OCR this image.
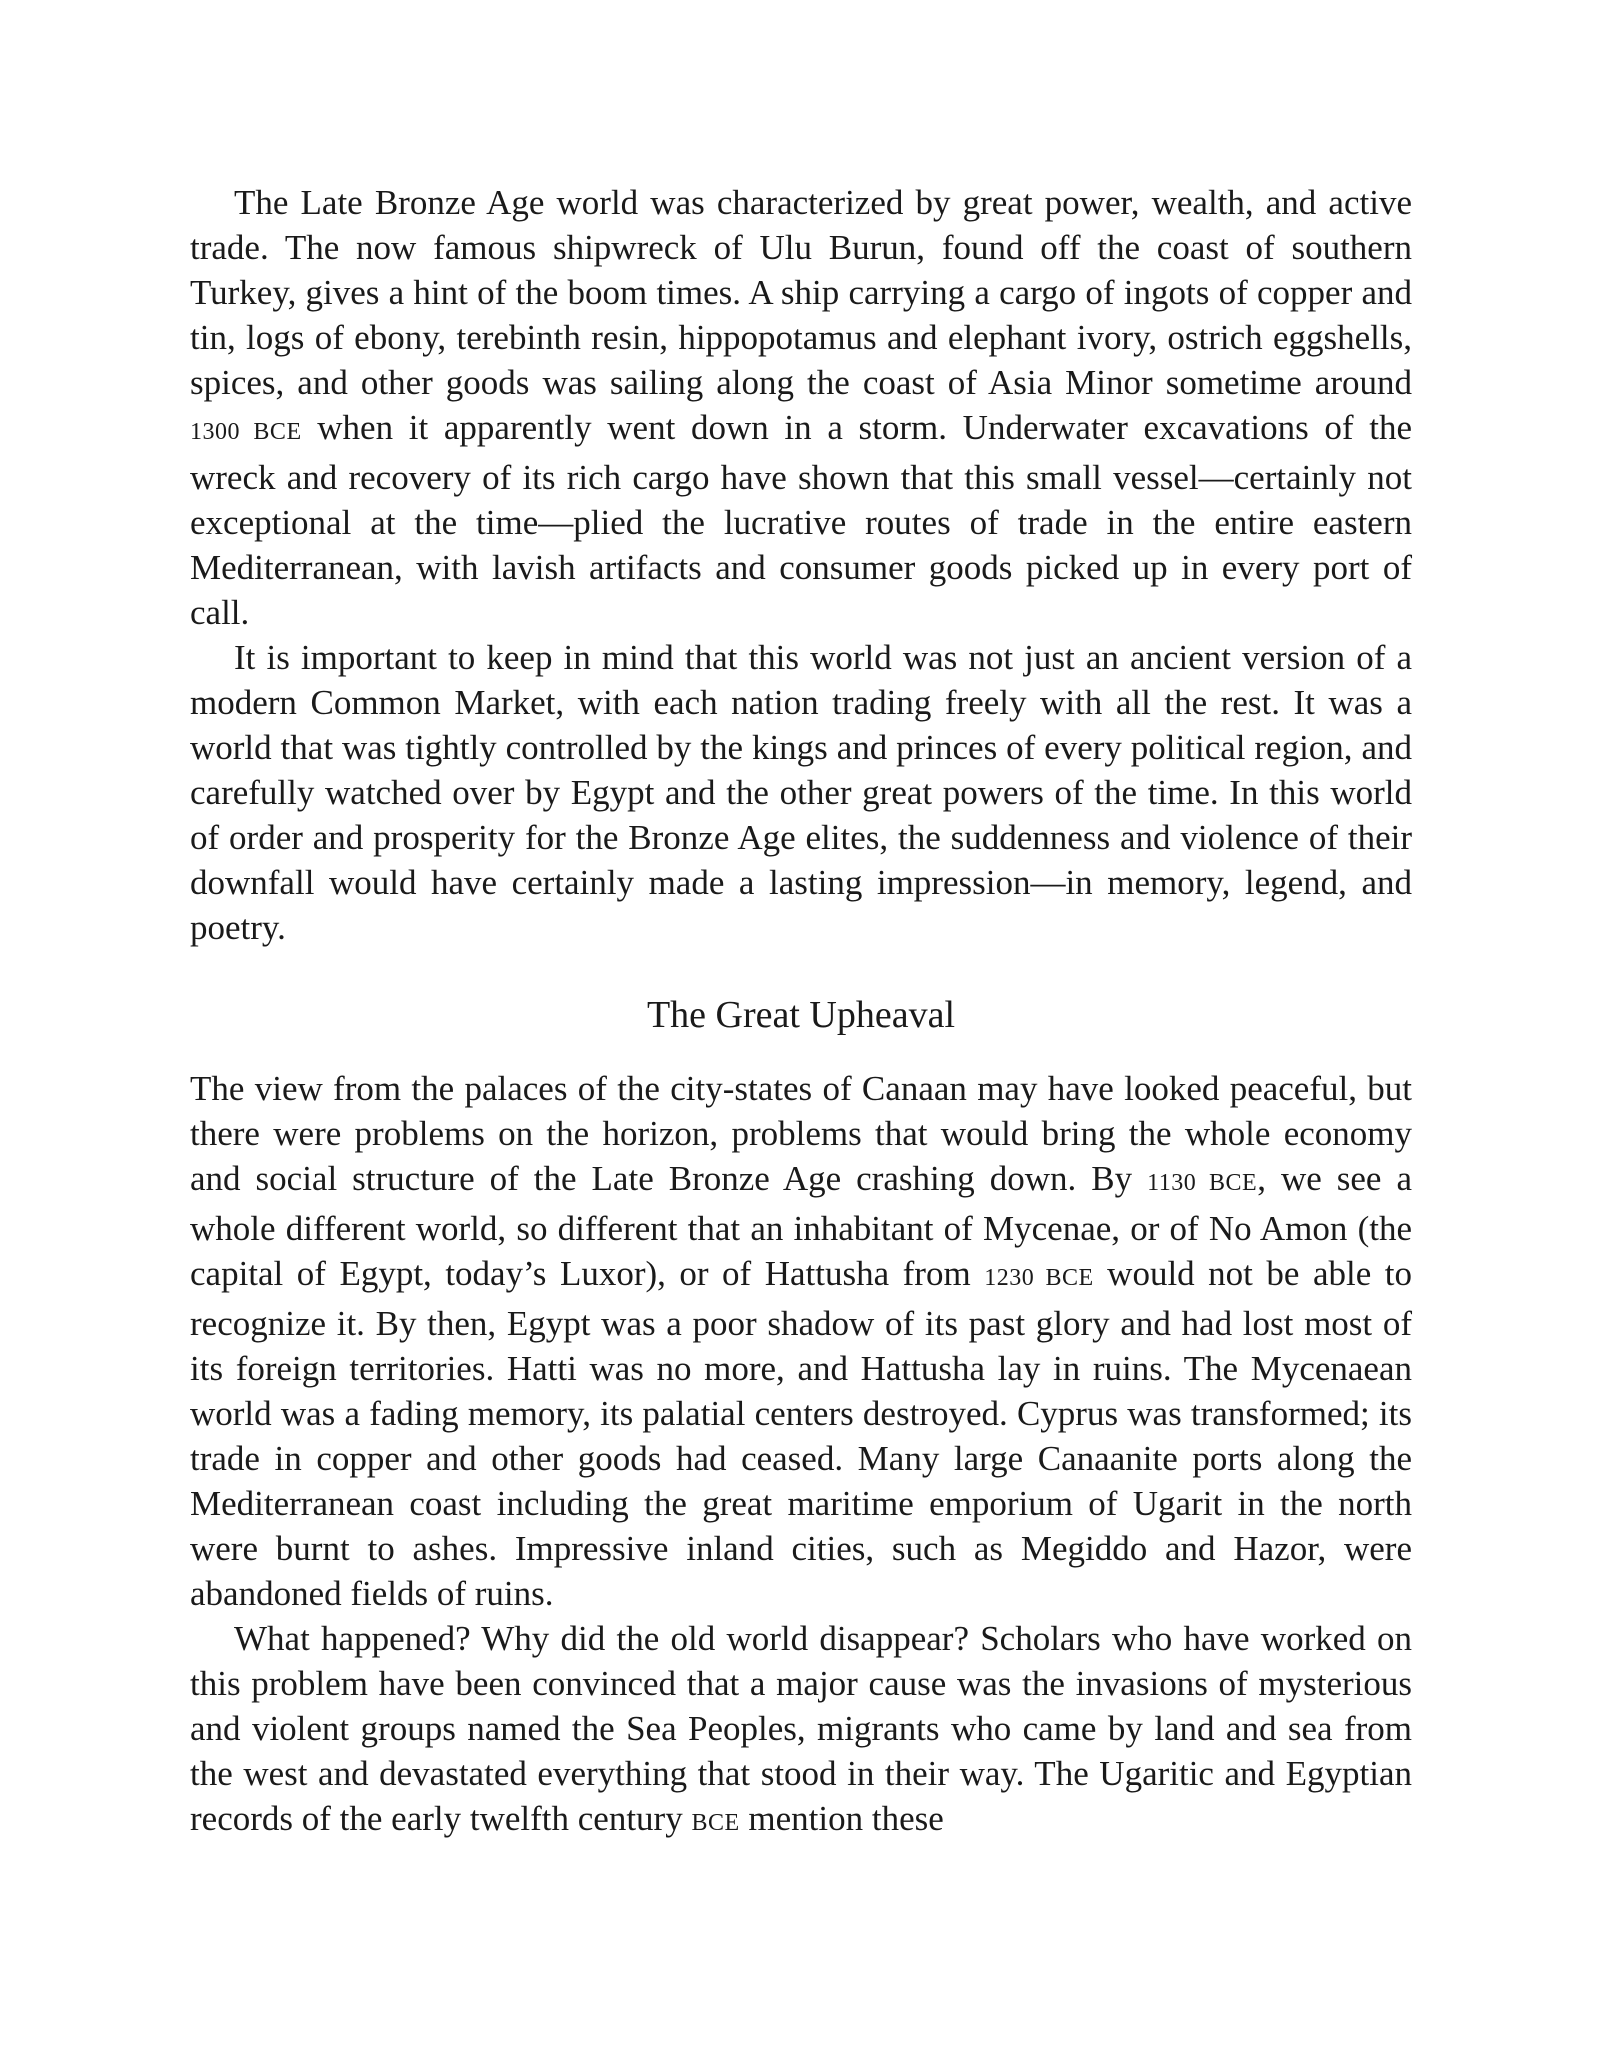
The Late Bronze Age world was characterized by great power, wealth, and active trade. The now famous shipwreck of Ulu Burun, found off the coast of southern Turkey, gives a hint of the boom times. A ship carrying a cargo of ingots of copper and tin, logs of ebony, terebinth resin, hippopotamus and elephant ivory, ostrich eggshells, spices, and other goods was sailing along the coast of Asia Minor sometime around 1300 BCE when it apparently went down in a storm. Underwater excavations of the wreck and recovery of its rich cargo have shown that this small vessel—certainly not exceptional at the time—plied the lucrative routes of trade in the entire eastern Mediterranean, with lavish artifacts and consumer goods picked up in every port of call.

It is important to keep in mind that this world was not just an ancient version of a modern Common Market, with each nation trading freely with all the rest. It was a world that was tightly controlled by the kings and princes of every political region, and carefully watched over by Egypt and the other great powers of the time. In this world of order and prosperity for the Bronze Age elites, the suddenness and violence of their downfall would have certainly made a lasting impression—in memory, legend, and poetry.

The Great Upheaval

The view from the palaces of the city-states of Canaan may have looked peaceful, but there were problems on the horizon, problems that would bring the whole economy and social structure of the Late Bronze Age crashing down. By 1130 BCE, we see a whole different world, so different that an inhabitant of Mycenae, or of No Amon (the capital of Egypt, today’s Luxor), or of Hattusha from 1230 BCE would not be able to recognize it. By then, Egypt was a poor shadow of its past glory and had lost most of its foreign territories. Hatti was no more, and Hattusha lay in ruins. The Mycenaean world was a fading memory, its palatial centers destroyed. Cyprus was transformed; its trade in copper and other goods had ceased. Many large Canaanite ports along the Mediterranean coast including the great maritime emporium of Ugarit in the north were burnt to ashes. Impressive inland cities, such as Megiddo and Hazor, were abandoned fields of ruins.

What happened? Why did the old world disappear? Scholars who have worked on this problem have been convinced that a major cause was the invasions of mysterious and violent groups named the Sea Peoples, migrants who came by land and sea from the west and devastated everything that stood in their way. The Ugaritic and Egyptian records of the early twelfth century BCE mention these
